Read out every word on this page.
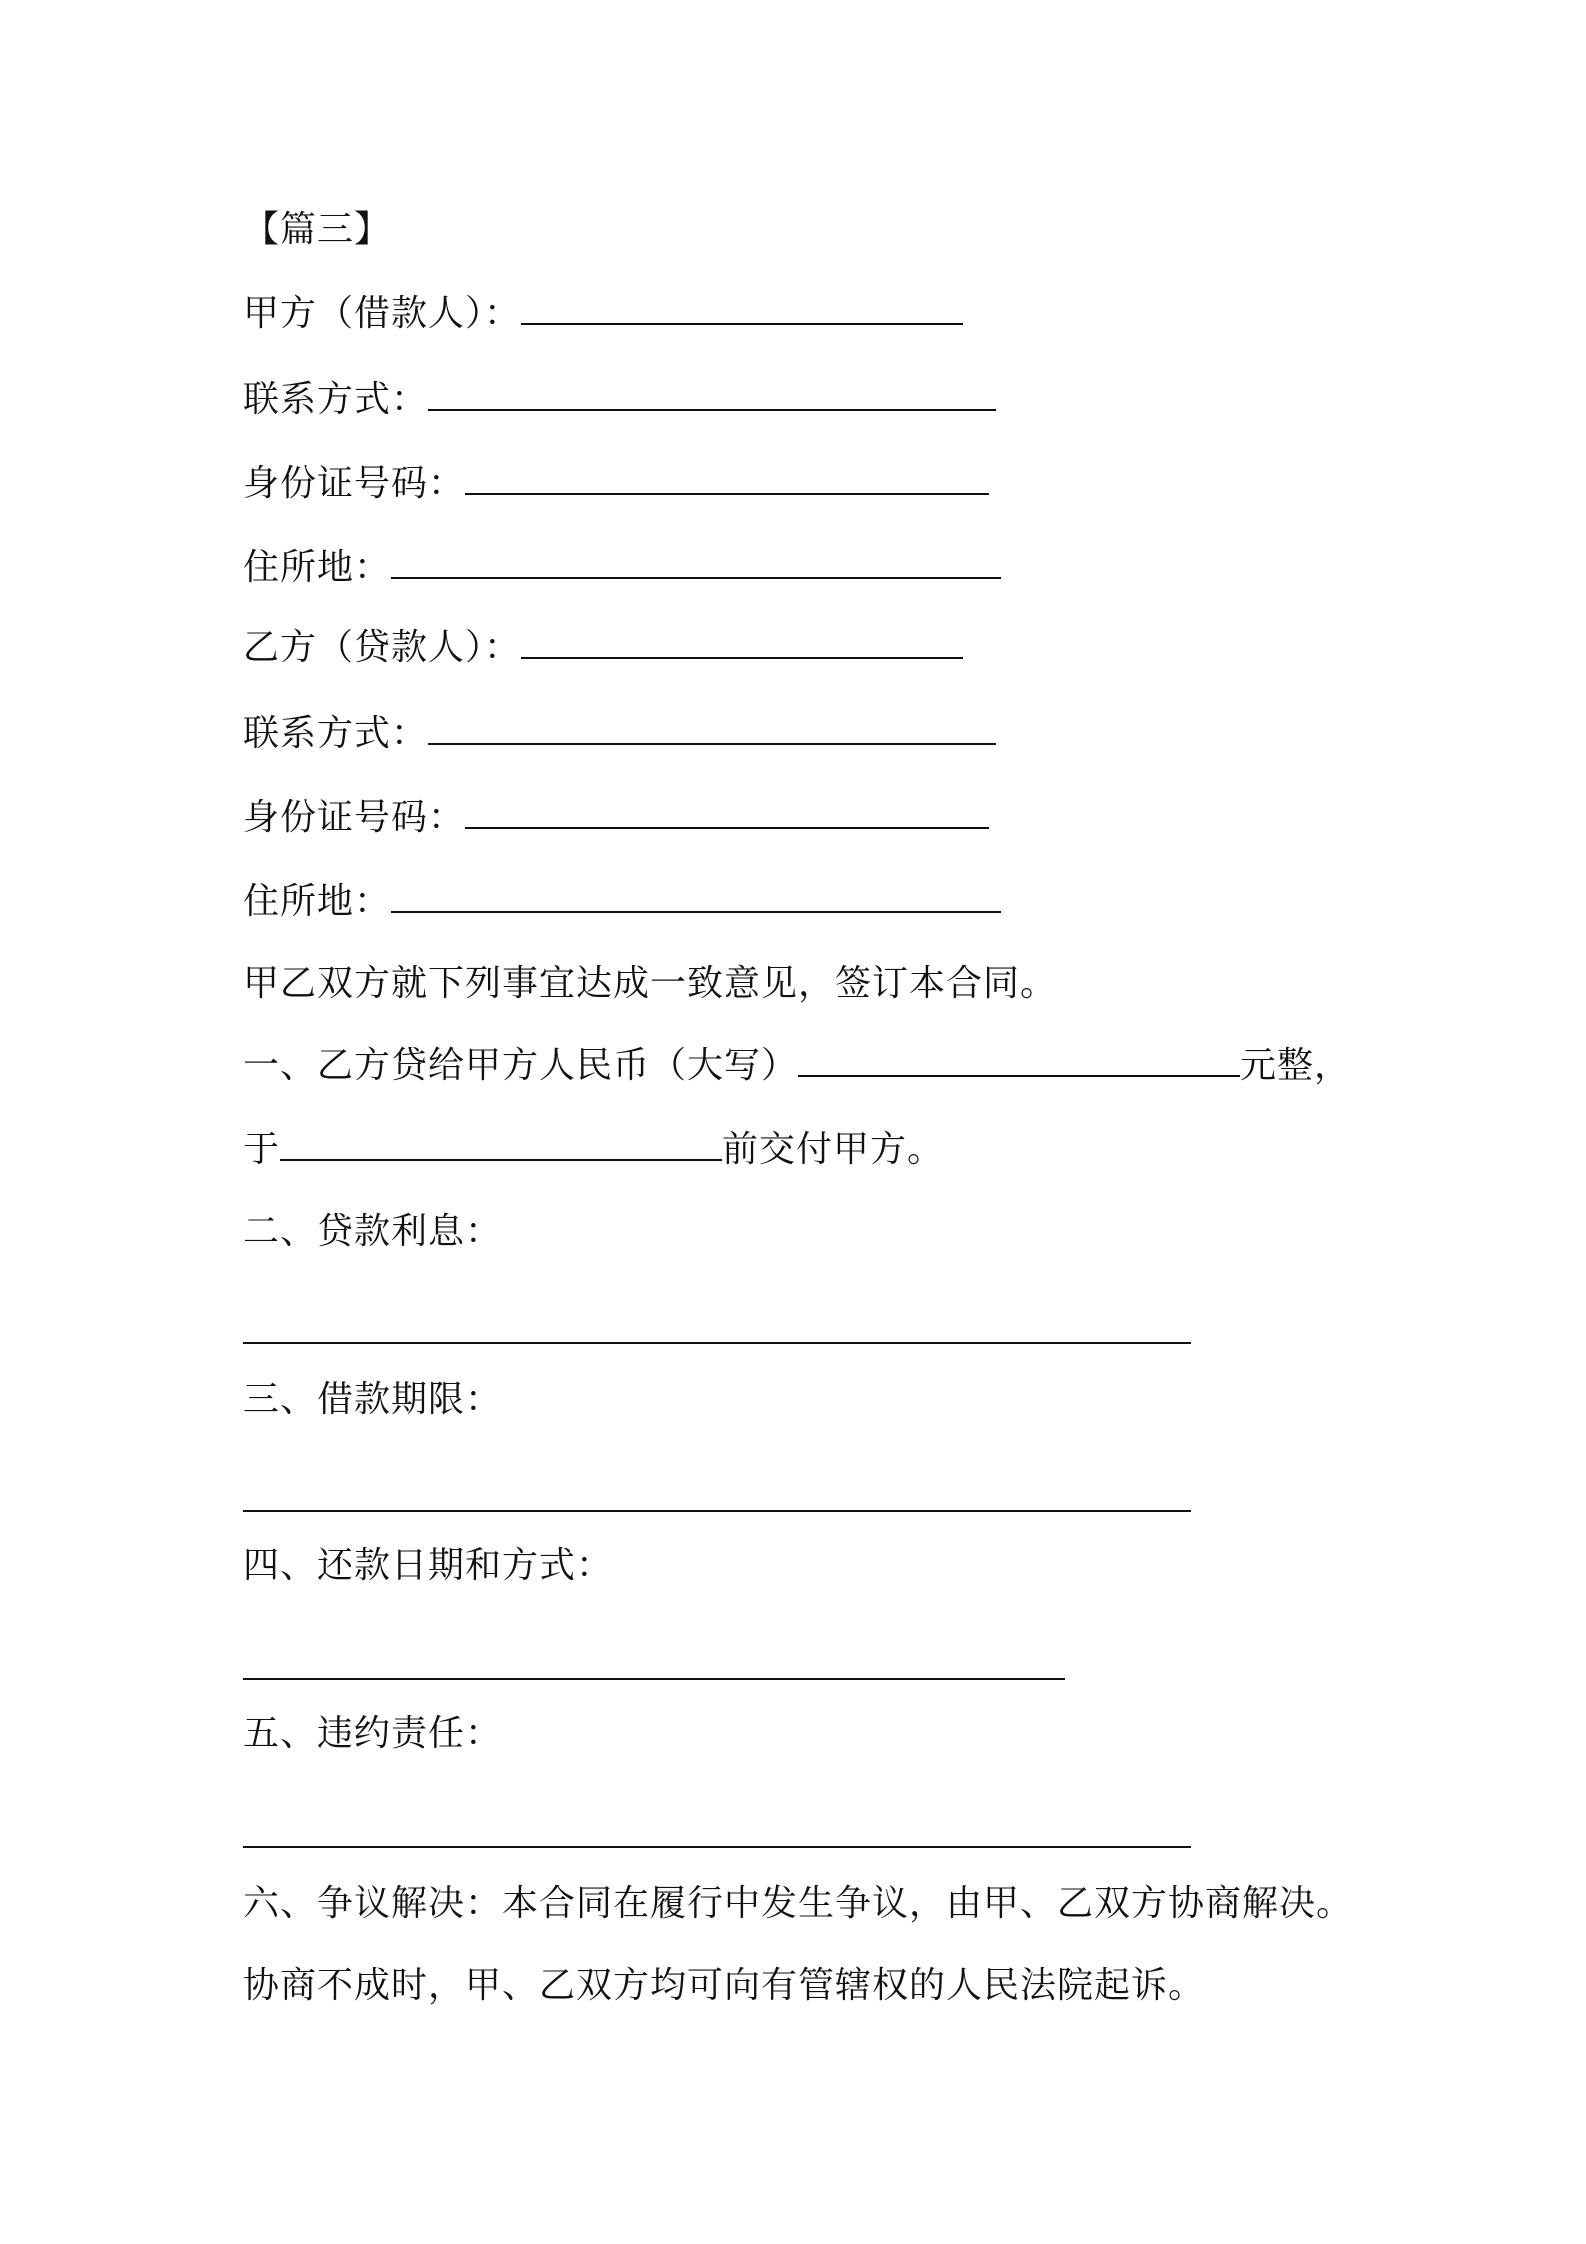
【篇三】
甲方（借款人）：
联系方式：
身份证号码：
住所地：
乙方（贷款人）：
联系方式：
身份证号码：
住所地：
甲乙双方就下列事宜达成一致意见，签订本合同。
一、乙方贷给甲方人民币（大写）	元整，
于	前交付甲方。
二、贷款利息：
三、借款期限：
四、还款日期和方式：
五、违约责任：
六、争议解决：本合同在履行中发生争议，由甲、乙双方协商解决。
协商不成时，甲、乙双方均可向有管辖权的人民法院起诉。
